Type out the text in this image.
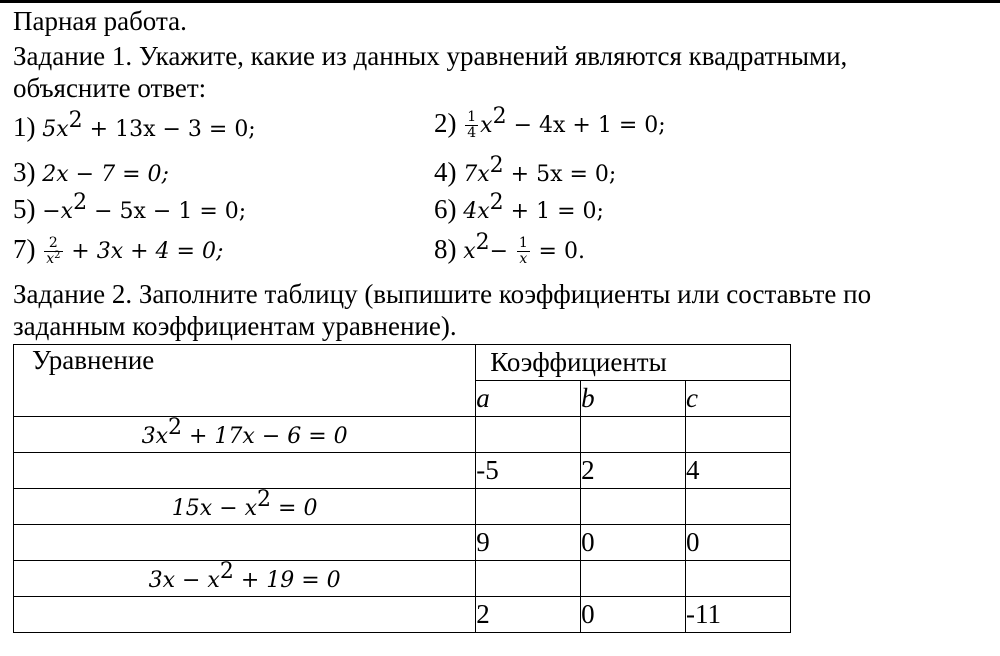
Парная работа.
Задание 1. Укажите, какие из данных уравнений являются квадратными,
объясните ответ:
1) $5x^2 + 13x - 3 = 0$;	$2) \frac{1}{4} x^2 - 4x + 1 = 0$;
3) 2x − 7 = 0;	4) $7x^2 + 5x = 0$;
$5) -x^2 - 5x - 1 = 0$;	6) $4x^2 + 1 = 0$;
$7) \frac{2}{x^2} + 3x + 4 = 0$;	8) $x^2- \frac{1}{x} = 0$.
Задание 2. Заполните таблицу (выпишите коэффициенты или составьте по
заданным коэффициентам уравнение).
Уравнение	Коэффициенты		
	a	b	c
$3x^2 + 17x - 6 = 0$			
	-5	2	4
$15x - x^2 = 0$			
	9	0	0
$3x - x^2 + 19 = 0$			
	2	0	-11
